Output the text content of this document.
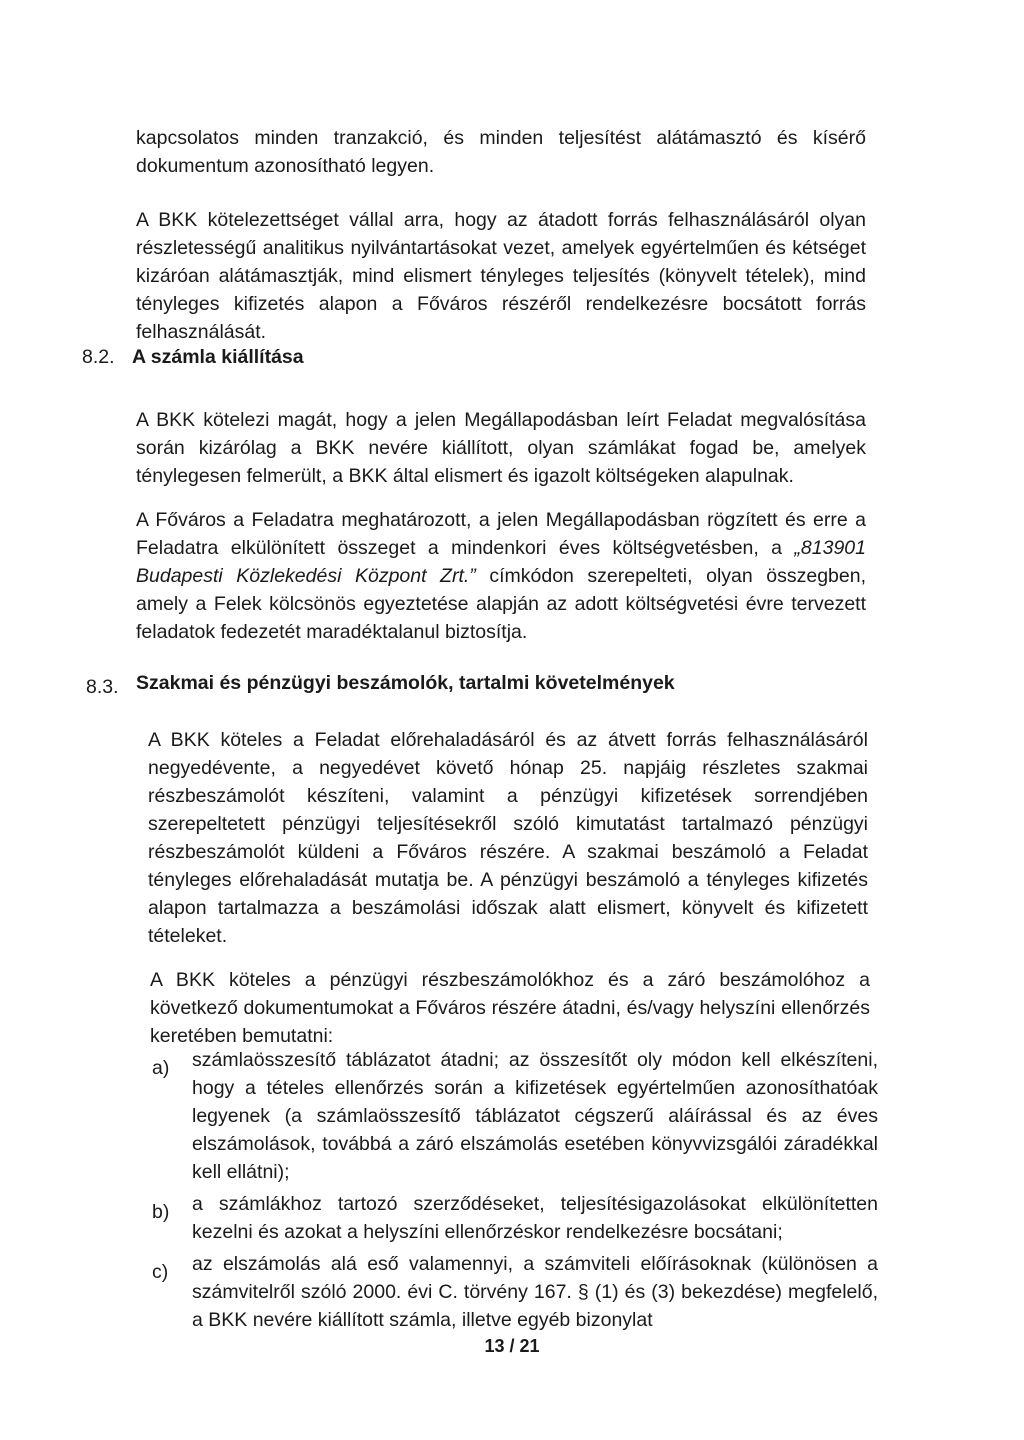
kapcsolatos minden tranzakció, és minden teljesítést alátámasztó és kísérő dokumentum azonosítható legyen.

A BKK kötelezettséget vállal arra, hogy az átadott forrás felhasználásáról olyan részletességű analitikus nyilvántartásokat vezet, amelyek egyértelműen és kétséget kizáróan alátámasztják, mind elismert tényleges teljesítés (könyvelt tételek), mind tényleges kifizetés alapon a Főváros részéről rendelkezésre bocsátott forrás felhasználását.

8.2. A számla kiállítása

A BKK kötelezi magát, hogy a jelen Megállapodásban leírt Feladat megvalósítása során kizárólag a BKK nevére kiállított, olyan számlákat fogad be, amelyek ténylegesen felmerült, a BKK által elismert és igazolt költségeken alapulnak.

A Főváros a Feladatra meghatározott, a jelen Megállapodásban rögzített és erre a Feladatra elkülönített összeget a mindenkori éves költségvetésben, a „813901 Budapesti Közlekedési Központ Zrt.” címkódon szerepelteti, olyan összegben, amely a Felek kölcsönös egyeztetése alapján az adott költségvetési évre tervezett feladatok fedezetét maradéktalanul biztosítja.

8.3. Szakmai és pénzügyi beszámolók, tartalmi követelmények

A BKK köteles a Feladat előrehaladásáról és az átvett forrás felhasználásáról negyedévente, a negyedévet követő hónap 25. napjáig részletes szakmai részbeszámolót készíteni, valamint a pénzügyi kifizetések sorrendjében szerepeltetett pénzügyi teljesítésekről szóló kimutatást tartalmazó pénzügyi részbeszámolót küldeni a Főváros részére. A szakmai beszámoló a Feladat tényleges előrehaladását mutatja be. A pénzügyi beszámoló a tényleges kifizetés alapon tartalmazza a beszámolási időszak alatt elismert, könyvelt és kifizetett tételeket.

A BKK köteles a pénzügyi részbeszámolókhoz és a záró beszámolóhoz a következő dokumentumokat a Főváros részére átadni, és/vagy helyszíni ellenőrzés keretében bemutatni:

a) számlaösszesítő táblázatot átadni; az összesítőt oly módon kell elkészíteni, hogy a tételes ellenőrzés során a kifizetések egyértelműen azonosíthatóak legyenek (a számlaösszesítő táblázatot cégszerű aláírással és az éves elszámolások, továbbá a záró elszámolás esetében könyvvizsgálói záradékkal kell ellátni);
b) a számlákhoz tartozó szerződéseket, teljesítésigazolásokat elkülönítetten kezelni és azokat a helyszíni ellenőrzéskor rendelkezésre bocsátani;
c) az elszámolás alá eső valamennyi, a számviteli előírásoknak (különösen a számvitelről szóló 2000. évi C. törvény 167. § (1) és (3) bekezdése) megfelelő, a BKK nevére kiállított számla, illetve egyéb bizonylat
13 / 21
